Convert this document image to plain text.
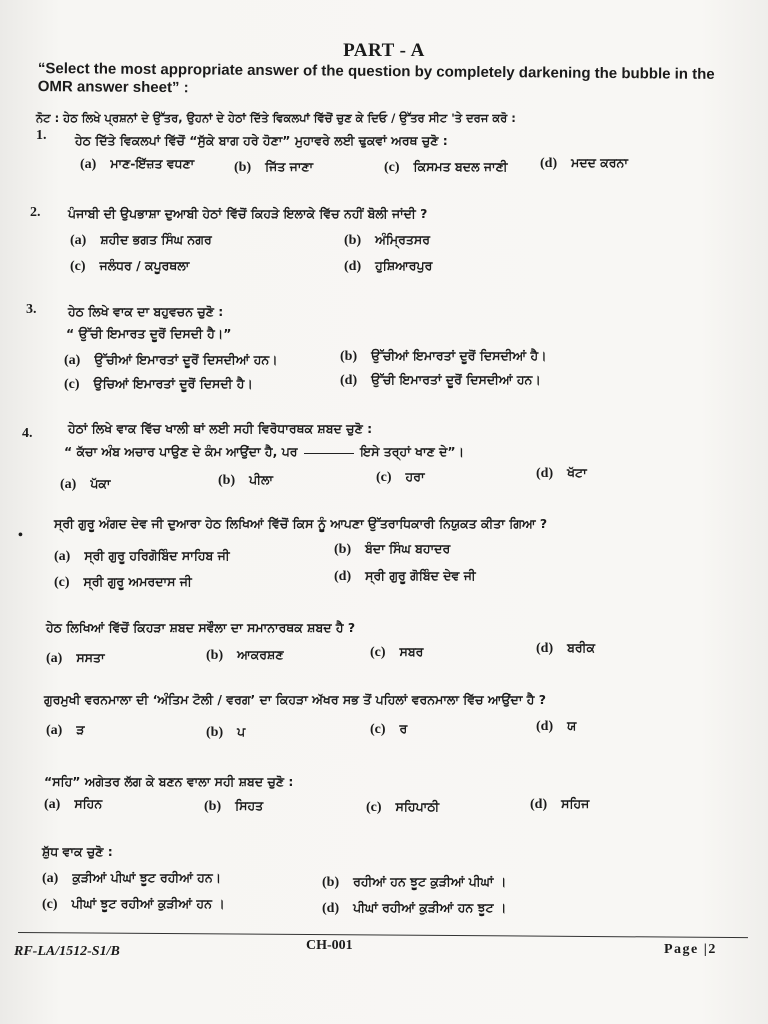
PART - A
“Select the most appropriate answer of the question by completely darkening the bubble in the OMR answer sheet” :
ਨੋਟ : ਹੇਠ ਲਿਖੇ ਪ੍ਰਸ਼ਨਾਂ ਦੇ ਉੱਤਰ, ਉਹਨਾਂ ਦੇ ਹੇਠਾਂ ਦਿੱਤੇ ਵਿਕਲਪਾਂ ਵਿੱਚੋਂ ਚੁਣ ਕੇ ਦਿਓ / ਉੱਤਰ ਸੀਟ 'ਤੇ ਦਰਜ ਕਰੋ :
1. ਹੇਠ ਦਿੱਤੇ ਵਿਕਲਪਾਂ ਵਿੱਚੋਂ “ਸੁੱਕੇ ਬਾਗ ਹਰੇ ਹੋਣਾ” ਮੁਹਾਵਰੇ ਲਈ ਢੁਕਵਾਂ ਅਰਥ ਚੁਣੋ :
(a) ਮਾਣ-ਇੱਜ਼ਤ ਵਧਣਾ	(b) ਜਿੱਤ ਜਾਣਾ	(c) ਕਿਸਮਤ ਬਦਲ ਜਾਣੀ (d) ਮਦਦ ਕਰਨਾ
2. ਪੰਜਾਬੀ ਦੀ ਉਪਭਾਸ਼ਾ ਦੁਆਬੀ ਹੇਠਾਂ ਵਿੱਚੋਂ ਕਿਹੜੇ ਇਲਾਕੇ ਵਿੱਚ ਨਹੀਂ ਬੋਲੀ ਜਾਂਦੀ ?
(a) ਸ਼ਹੀਦ ਭਗਤ ਸਿੰਘ ਨਗਰ	(b) ਅੰਮ੍ਰਿਤਸਰ
(c) ਜਲੰਧਰ / ਕਪੂਰਥਲਾ	(d) ਹੁਸ਼ਿਆਰਪੁਰ
3.	ਹੇਠ ਲਿਖੇ ਵਾਕ ਦਾ ਬਹੁਵਚਨ ਚੁਣੋ :
“ ਉੱਚੀ ਇਮਾਰਤ ਦੂਰੋਂ ਦਿਸਦੀ ਹੈ।”
(a) ਉੱਚੀਆਂ ਇਮਾਰਤਾਂ ਦੂਰੋਂ ਦਿਸਦੀਆਂ ਹਨ।	(b) ਉੱਚੀਆਂ ਇਮਾਰਤਾਂ ਦੂਰੋਂ ਦਿਸਦੀਆਂ ਹੈ।
(c) ਉਚਿਆਂ ਇਮਾਰਤਾਂ ਦੂਰੋਂ ਦਿਸਦੀ ਹੈ।	(d) ਉੱਚੀ ਇਮਾਰਤਾਂ ਦੂਰੋਂ ਦਿਸਦੀਆਂ ਹਨ।
4.	ਹੇਠਾਂ ਲਿਖੇ ਵਾਕ ਵਿੱਚ ਖਾਲੀ ਥਾਂ ਲਈ ਸਹੀ ਵਿਰੋਧਾਰਥਕ ਸ਼ਬਦ ਚੁਣੋ :
“ ਕੱਚਾ ਅੰਬ ਅਚਾਰ ਪਾਉਣ ਦੇ ਕੰਮ ਆਉਂਦਾ ਹੈ, ਪਰ	ਇਸੇ ਤਰ੍ਹਾਂ ਖਾਣ ਦੇ”।
(a) ਪੱਕਾ	(b) ਪੀਲਾ	(c) ਹਰਾ	(d) ਖੱਟਾ
•
ਸ੍ਰੀ ਗੁਰੂ ਅੰਗਦ ਦੇਵ ਜੀ ਦੁਆਰਾ ਹੇਠ ਲਿਖਿਆਂ ਵਿੱਚੋਂ ਕਿਸ ਨੂੰ ਆਪਣਾ ਉੱਤਰਾਧਿਕਾਰੀ ਨਿਯੁਕਤ ਕੀਤਾ ਗਿਆ ?
(a) ਸ੍ਰੀ ਗੁਰੂ ਹਰਿਗੋਬਿੰਦ ਸਾਹਿਬ ਜੀ	(b) ਬੰਦਾ ਸਿੰਘ ਬਹਾਦਰ
(c) ਸ੍ਰੀ ਗੁਰੂ ਅਮਰਦਾਸ ਜੀ	(d) ਸ੍ਰੀ ਗੁਰੂ ਗੋਬਿੰਦ ਦੇਵ ਜੀ
ਹੇਠ ਲਿਖਿਆਂ ਵਿੱਚੋਂ ਕਿਹੜਾ ਸ਼ਬਦ ਸਵੌਲਾ ਦਾ ਸਮਾਨਾਰਥਕ ਸ਼ਬਦ ਹੈ ?
(a) ਸਸਤਾ	(b) ਆਕਰਸ਼ਣ	(c) ਸਬਰ	(d) ਬਰੀਕ
ਗੁਰਮੁਖੀ ਵਰਨਮਾਲਾ ਦੀ ‘ਅੰਤਿਮ ਟੋਲੀ / ਵਰਗ’ ਦਾ ਕਿਹੜਾ ਅੱਖਰ ਸਭ ਤੋਂ ਪਹਿਲਾਂ ਵਰਨਮਾਲਾ ਵਿੱਚ ਆਉਂਦਾ ਹੈ ?
(a) ੜ	(b) ਪ	(c) ਰ	(d) ਯ
“ਸਹਿ” ਅਗੇਤਰ ਲੱਗ ਕੇ ਬਣਨ ਵਾਲਾ ਸਹੀ ਸ਼ਬਦ ਚੁਣੋ :
(a) ਸਹਿਨ	(b) ਸਿਹਤ	(c) ਸਹਿਪਾਠੀ	(d) ਸਹਿਜ
ਸ਼ੁੱਧ ਵਾਕ ਚੁਣੋ :
(a) ਕੁੜੀਆਂ ਪੀਘਾਂ ਝੂਟ ਰਹੀਆਂ ਹਨ।	(b) ਰਹੀਆਂ ਹਨ ਝੂਟ ਕੁੜੀਆਂ ਪੀਘਾਂ ।
(c) ਪੀਘਾਂ ਝੂਟ ਰਹੀਆਂ ਕੁੜੀਆਂ ਹਨ ।	(d) ਪੀਘਾਂ ਰਹੀਆਂ ਕੁੜੀਆਂ ਹਨ ਝੂਟ ।
RF-LA/1512-S1/B	CH-001	Page |2
